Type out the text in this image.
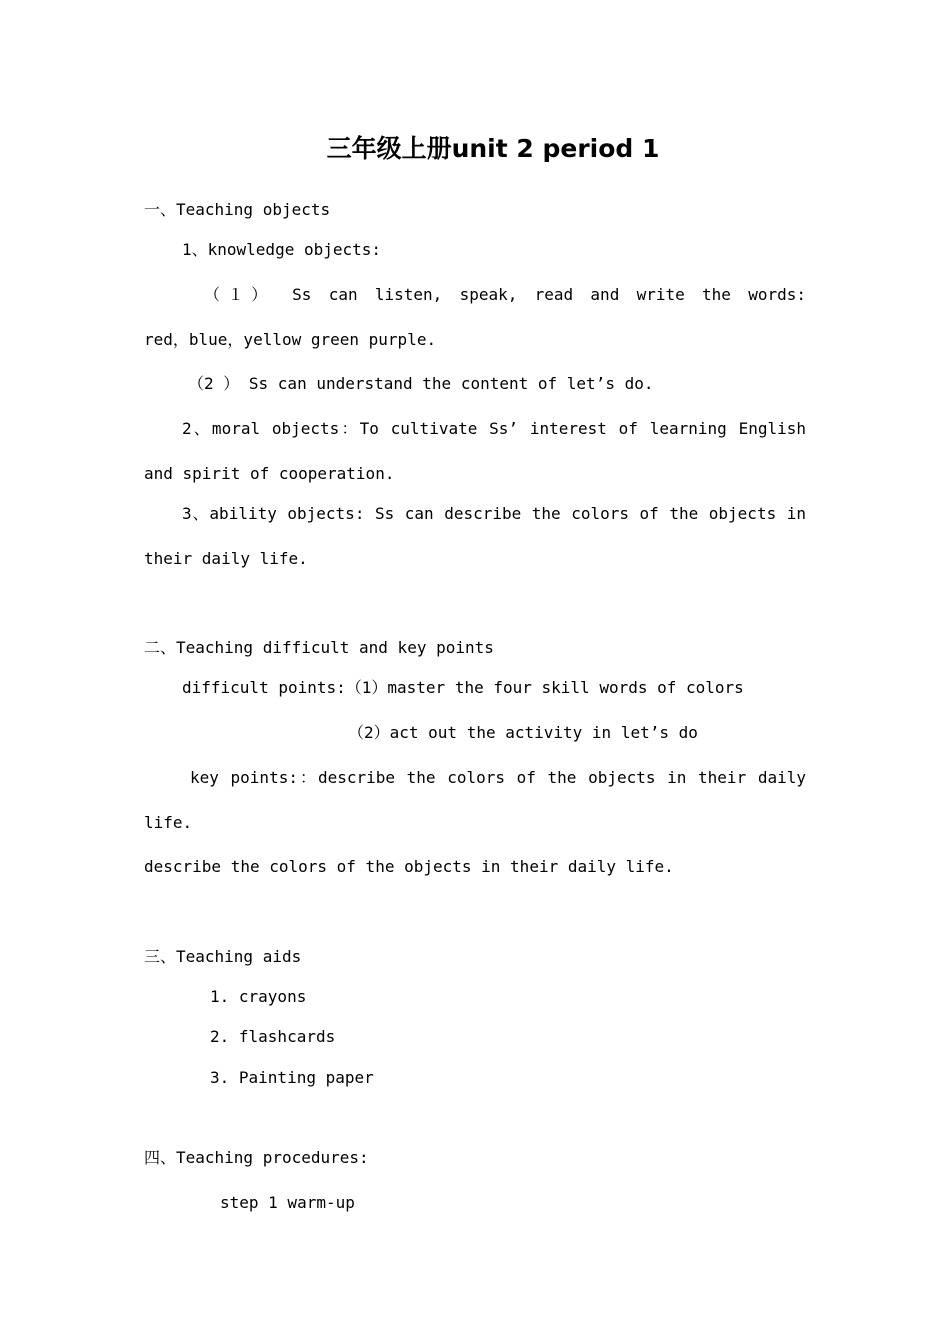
三年级上册unit 2 period 1
一、Teaching objects
1、knowledge objects:
（１） Ss can listen, speak, read and write the words:
red，blue，yellow green purple.
（2 ） Ss can understand the content of let’s do.
2、moral objects：To cultivate Ss’ interest of learning English
and spirit of cooperation.
3、ability objects: Ss can describe the colors of the objects in
their daily life.
二、Teaching difficult and key points
difficult points:（1）master the four skill words of colors
（2）act out the activity in let’s do
key points:：describe the colors of the objects in their daily
life.
describe the colors of the objects in their daily life.
三、Teaching aids
1. crayons
2. flashcards
3. Painting paper
四、Teaching procedures:
step 1 warm-up
